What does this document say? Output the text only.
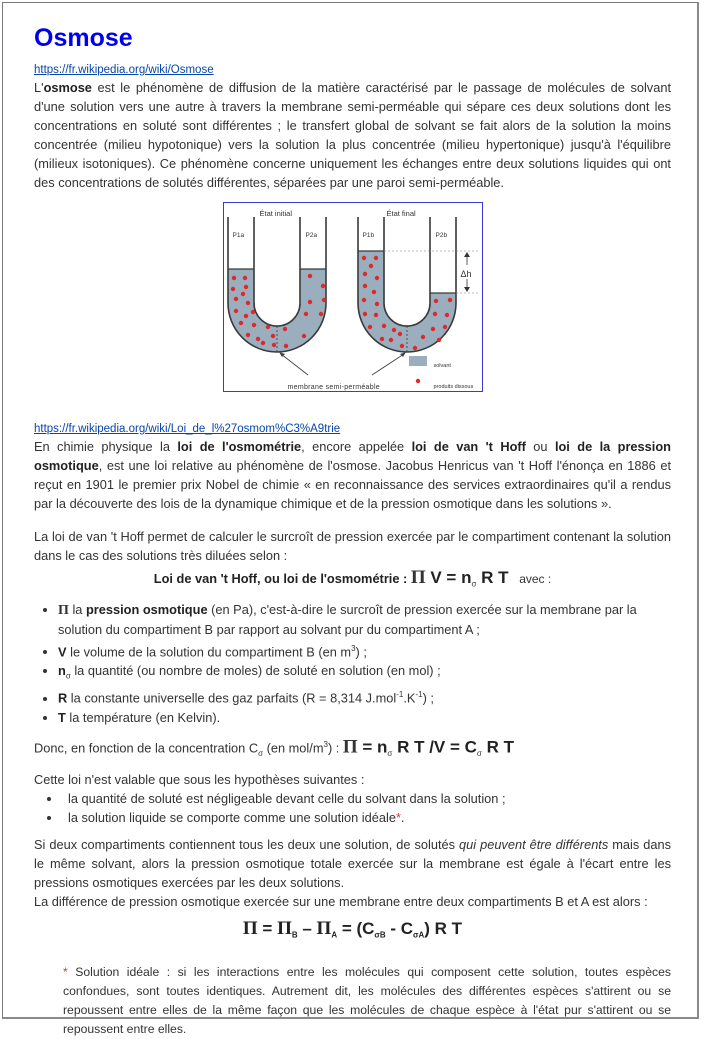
Osmose
https://fr.wikipedia.org/wiki/Osmose

L'osmose est le phénomène de diffusion de la matière caractérisé par le passage de molécules de solvant d'une solution vers une autre à travers la membrane semi-perméable qui sépare ces deux solutions dont les concentrations en soluté sont différentes ; le transfert global de solvant se fait alors de la solution la moins concentrée (milieu hypotonique) vers la solution la plus concentrée (milieu hypertonique) jusqu'à l'équilibre (milieux isotoniques). Ce phénomène concerne uniquement les échanges entre deux solutions liquides qui ont des concentrations de solutés différentes, séparées par une paroi semi-perméable.

État initial	État final
P1a	P2a	P1b	P2b
Δh
membrane semi-perméable
solvant
produits dissous
https://fr.wikipedia.org/wiki/Loi_de_l%27osmom%C3%A9trie

En chimie physique la loi de l'osmométrie, encore appelée loi de van 't Hoff ou loi de la pression osmotique, est une loi relative au phénomène de l'osmose. Jacobus Henricus van 't Hoff l'énonça en 1886 et reçut en 1901 le premier prix Nobel de chimie « en reconnaissance des services extraordinaires qu'il a rendus par la découverte des lois de la dynamique chimique et de la pression osmotique dans les solutions ».

La loi de van 't Hoff permet de calculer le surcroît de pression exercée par le compartiment contenant la solution dans le cas des solutions très diluées selon :

Loi de van 't Hoff, ou loi de l'osmométrie : Π $V = n_\sigma$ R T avec :
• Π la pression osmotique (en Pa), c'est-à-dire le surcroît de pression exercée sur la membrane par la solution du compartiment B par rapport au solvant pur du compartiment A ;
• V le volume de la solution du compartiment B (en $m^3$) ;
• $n_\sigma$ la quantité (ou nombre de moles) de soluté en solution (en mol) ;
• R la constante universelle des gaz parfaits (R = 8,314 $J.mol^{-1}.K^{-1}$) ;
• T la température (en Kelvin).

Donc, en fonction de la concentration $C_\sigma$ (en mol/$m^3$) : $\Pi = n_\sigma$ R T $/V = C_\sigma$ R T

Cette loi n'est valable que sous les hypothèses suivantes :

• la quantité de soluté est négligeable devant celle du solvant dans la solution ;
• la solution liquide se comporte comme une solution idéale*.

Si deux compartiments contiennent tous les deux une solution, de solutés qui peuvent être différents mais dans le même solvant, alors la pression osmotique totale exercée sur la membrane est égale à l'écart entre les pressions osmotiques exercées par les deux solutions.

La différence de pression osmotique exercée sur une membrane entre deux compartiments B et A est alors :

$\Pi = \Pi_B - \Pi_A = (C_{\sigma B} - C_{\sigma A})$ R T

* Solution idéale : si les interactions entre les molécules qui composent cette solution, toutes espèces confondues, sont toutes identiques. Autrement dit, les molécules des différentes espèces s'attirent ou se repoussent entre elles de la même façon que les molécules de chaque espèce à l'état pur s'attirent ou se repoussent entre elles.
